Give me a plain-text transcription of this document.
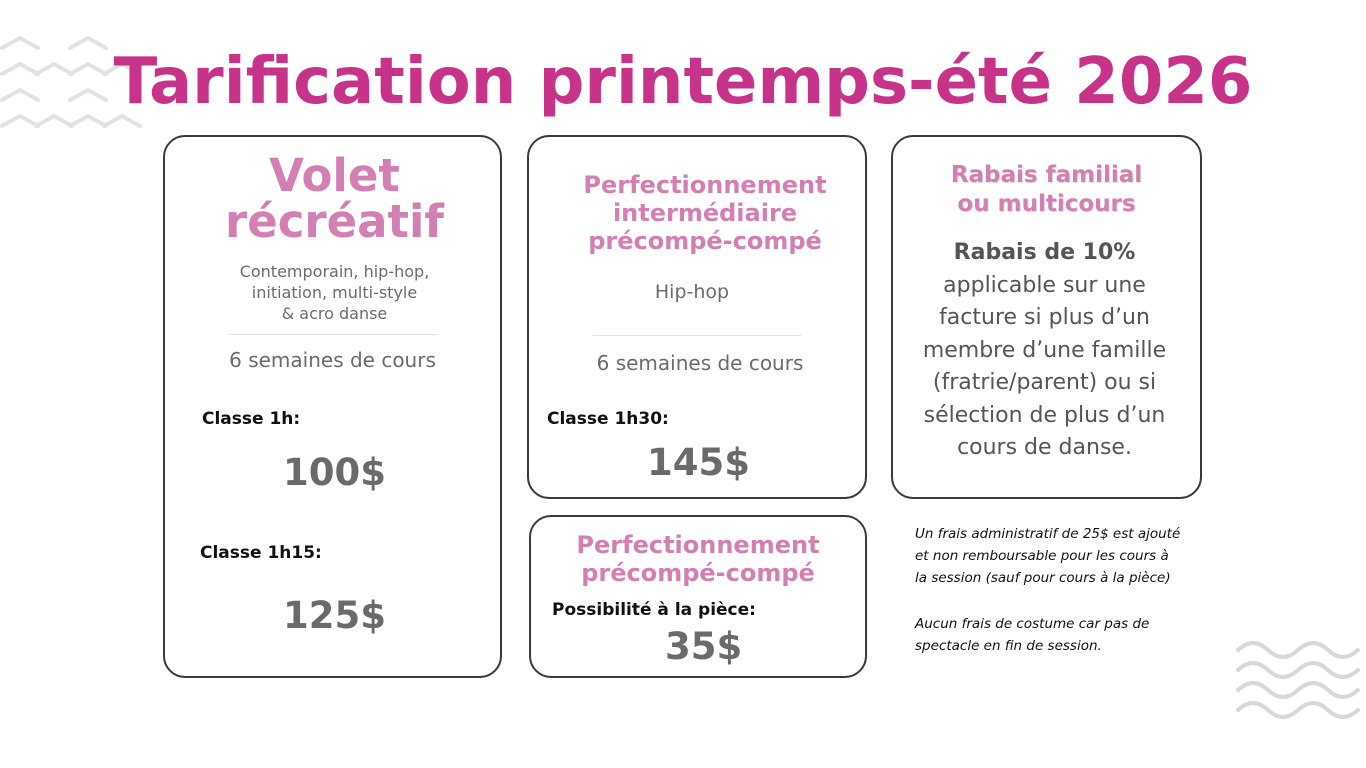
Tarification printemps-été 2026
Volet
récréatif
Contemporain, hip-hop,
initiation, multi-style
& acro danse
6 semaines de cours
Classe 1h:
100$
Classe 1h15:
125$
Perfectionnement
intermédiaire
précompé-compé
Hip-hop
6 semaines de cours
Classe 1h30:
145$
Perfectionnement
précompé-compé
Possibilité à la pièce:
35$
Rabais familial
ou multicours
Rabais de 10%
applicable sur une
facture si plus d’un
membre d’une famille
(fratrie/parent) ou si
sélection de plus d’un
cours de danse.
Un frais administratif de 25$ est ajouté
et non remboursable pour les cours à
la session (sauf pour cours à la pièce)
Aucun frais de costume car pas de
spectacle en fin de session.
